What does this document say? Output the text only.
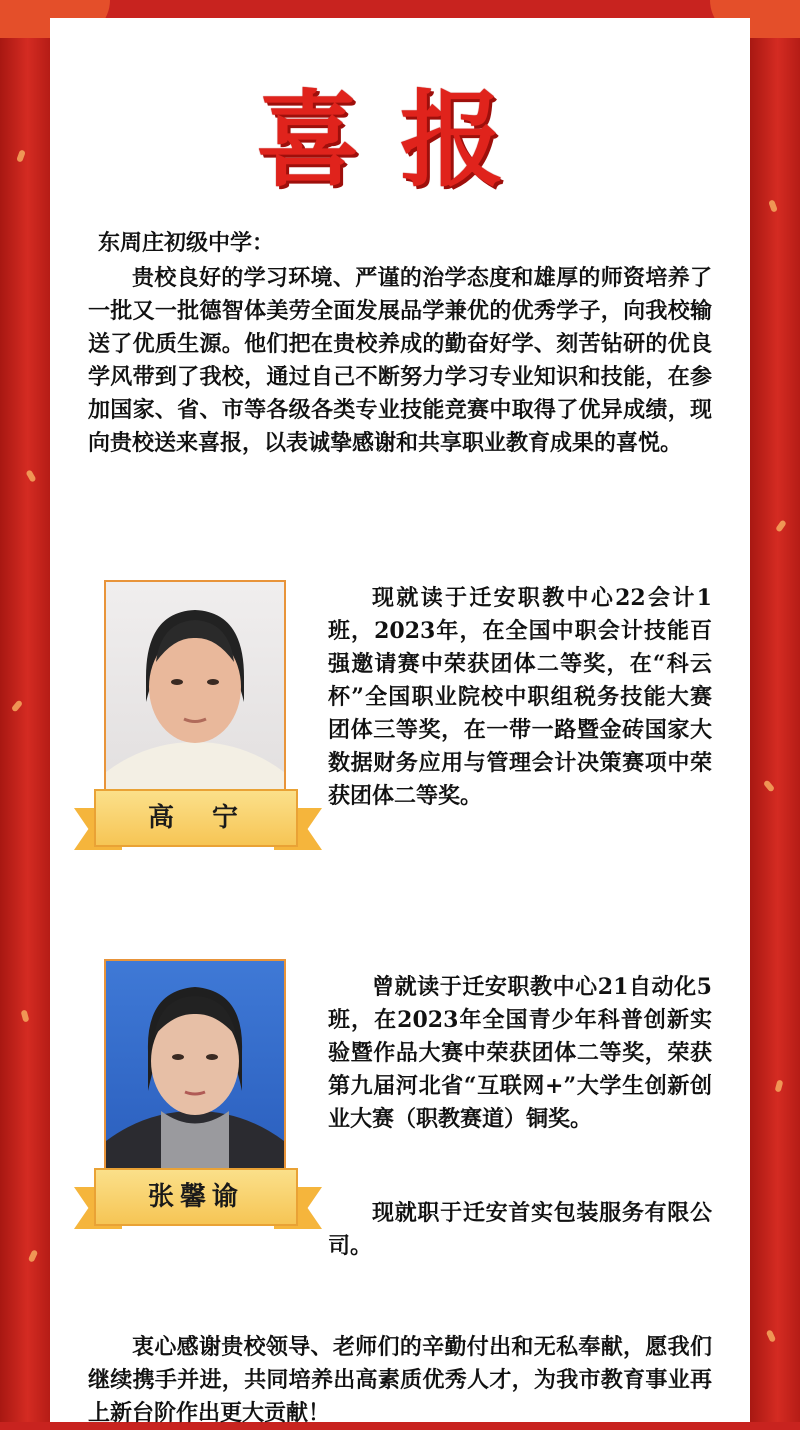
喜报
东周庄初级中学：

贵校良好的学习环境、严谨的治学态度和雄厚的师资培养了一批又一批德智体美劳全面发展品学兼优的优秀学子，向我校输送了优质生源。他们把在贵校养成的勤奋好学、刻苦钻研的优良学风带到了我校，通过自己不断努力学习专业知识和技能，在参加国家、省、市等各级各类专业技能竞赛中取得了优异成绩，现向贵校送来喜报，以表诚挚感谢和共享职业教育成果的喜悦。

高　宁

现就读于迁安职教中心22会计1班，2023年，在全国中职会计技能百强邀请赛中荣获团体二等奖，在“科云杯”全国职业院校中职组税务技能大赛团体三等奖，在一带一路暨金砖国家大数据财务应用与管理会计决策赛项中荣获团体二等奖。

张馨谕

曾就读于迁安职教中心21自动化5班，在2023年全国青少年科普创新实验暨作品大赛中荣获团体二等奖，荣获第九届河北省“互联网+”大学生创新创业大赛（职教赛道）铜奖。

现就职于迁安首实包装服务有限公司。

衷心感谢贵校领导、老师们的辛勤付出和无私奉献，愿我们继续携手并进，共同培养出高素质优秀人才，为我市教育事业再上新台阶作出更大贡献！
